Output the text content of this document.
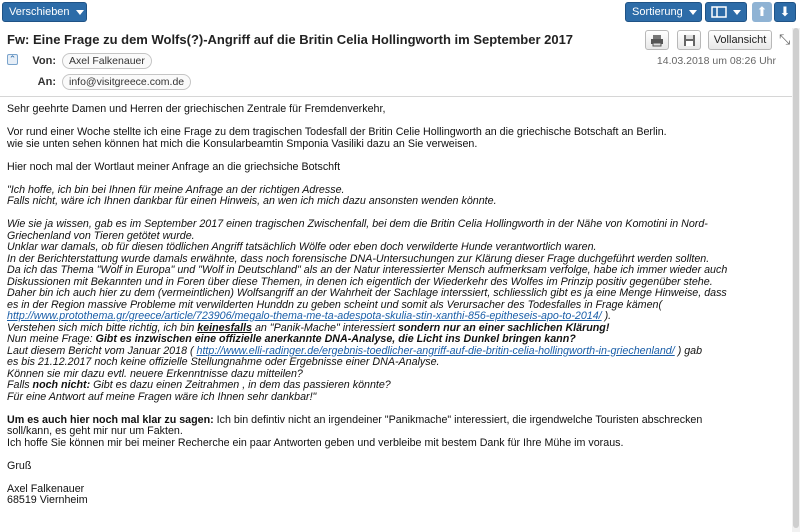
Verschieben	Sortierung	⬆ ⬇
Fw: Eine Frage zu dem Wolfs(?)-Angriff auf die Britin Celia Hollingworth im September 2017	Vollansicht ⤡
⌃ Von:	Axel Falkenauer
An:	info@visitgreece.com.de
14.03.2018 um 08:26 Uhr

Sehr geehrte Damen und Herren der griechischen Zentrale für Fremdenverkehr,

Vor rund einer Woche stellte ich eine Frage zu dem tragischen Todesfall der Britin Celie Hollingworth an die griechische Botschaft an Berlin.

wie sie unten sehen können hat mich die Konsularbeamtin Smponia Vasiliki dazu an Sie verweisen.

Hier noch mal der Wortlaut meiner Anfrage an die griechsiche Botschft

"Ich hoffe, ich bin bei Ihnen für meine Anfrage an der richtigen Adresse.

Falls nicht, wäre ich Ihnen dankbar für einen Hinweis, an wen ich mich dazu ansonsten wenden könnte.

Wie sie ja wissen, gab es im September 2017 einen tragischen Zwischenfall, bei dem die Britin Celia Hollingworth in der Nähe von Komotini in Nord-

Griechenland von Tieren getötet wurde.

Unklar war damals, ob für diesen tödlichen Angriff tatsächlich Wölfe oder eben doch verwilderte Hunde verantwortlich waren.

In der Berichterstattung wurde damals erwähnte, dass noch forensische DNA-Untersuchungen zur Klärung dieser Frage duchgeführt werden sollten.

Da ich das Thema "Wolf in Europa" und "Wolf in Deutschland" als an der Natur interessierter Mensch aufmerksam verfolge, habe ich immer wieder auch

Diskussionen mit Bekannten und in Foren über diese Themen, in denen ich eigentlich der Wiederkehr des Wolfes im Prinzip positiv gegenüber stehe.

Daher bin ich auch hier zu dem (vermeintlichen) Wolfsangriff an der Wahrheit der Sachlage interssiert, schliesslich gibt es ja eine Menge Hinweise, dass

es in der Region massive Probleme mit verwilderten Hunddn zu geben scheint und somit als Verursacher des Todesfalles in Frage kämen(

http://www.protothema.gr/greece/article/723906/megalo-thema-me-ta-adespota-skulia-stin-xanthi-856-epitheseis-apo-to-2014/ ).

Verstehen sich mich bitte richtig, ich bin keinesfalls an "Panik-Mache" interessiert sondern nur an einer sachlichen Klärung!

Nun meine Frage: Gibt es inzwischen eine offizielle anerkannte DNA-Analyse, die Licht ins Dunkel bringen kann?

Laut diesem Bericht vom Januar 2018 ( http://www.elli-radinger.de/ergebnis-toedlicher-angriff-auf-die-britin-celia-hollingworth-in-griechenland/ ) gab

es bis 21.12.2017 noch keine offizielle Stellungnahme oder Ergebnisse einer DNA-Analyse.

Können sie mir dazu evtl. neuere Erkenntnisse dazu mitteilen?

Falls noch nicht: Gibt es dazu einen Zeitrahmen , in dem das passieren könnte?

Für eine Antwort auf meine Fragen wäre ich Ihnen sehr dankbar!"

Um es auch hier noch mal klar zu sagen: Ich bin defintiv nicht an irgendeiner "Panikmache" interessiert, die irgendwelche Touristen abschrecken

soll/kann, es geht mir nur um Fakten.

Ich hoffe Sie können mir bei meiner Recherche ein paar Antworten geben und verbleibe mit bestem Dank für Ihre Mühe im voraus.

Gruß

Axel Falkenauer

68519 Viernheim
